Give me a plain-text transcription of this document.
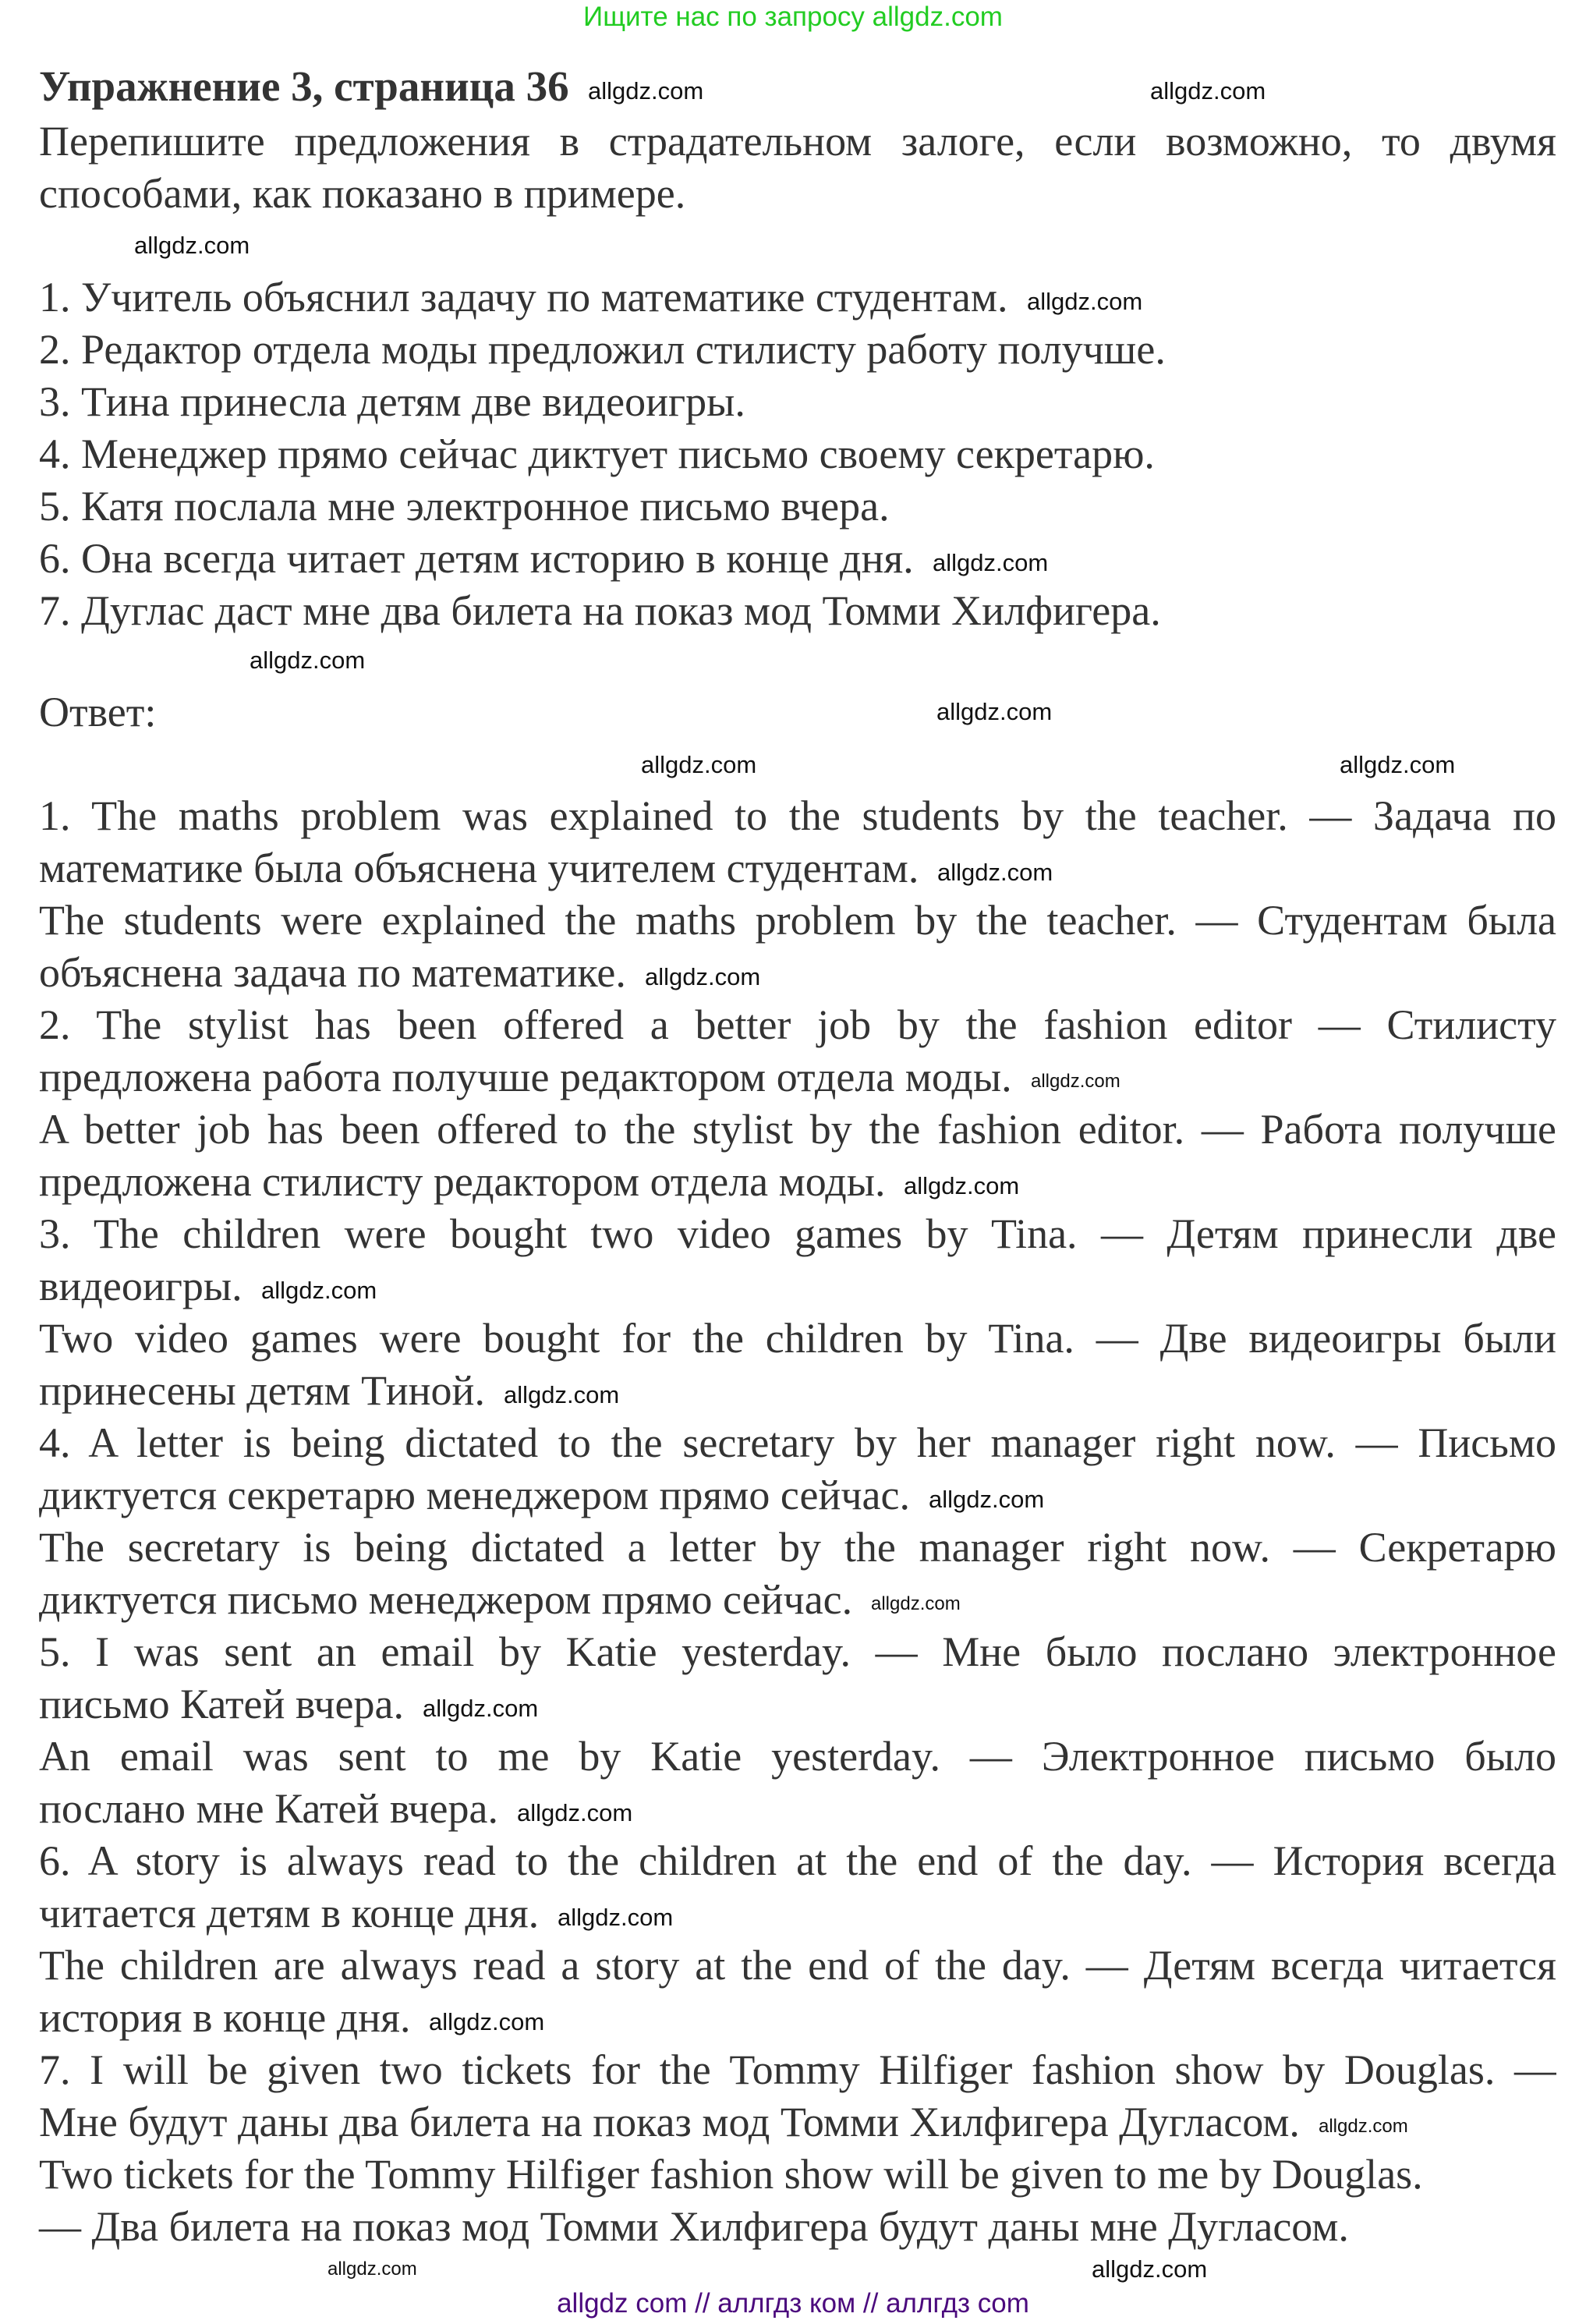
Ищите нас по запросу allgdz.com
Упражнение 3, страница 36
Перепишите предложения в страдательном залоге, если возможно, то двумя
способами, как показано в примере.
1. Учитель объяснил задачу по математике студентам.
2. Редактор отдела моды предложил стилисту работу получше.
3. Тина принесла детям две видеоигры.
4. Менеджер прямо сейчас диктует письмо своему секретарю.
5. Катя послала мне электронное письмо вчера.
6. Она всегда читает детям историю в конце дня.
7. Дуглас даст мне два билета на показ мод Томми Хилфигера.
Ответ:
1. The maths problem was explained to the students by the teacher. — Задача по
математике была объяснена учителем студентам.
The students were explained the maths problem by the teacher. — Студентам была
объяснена задача по математике.
2. The stylist has been offered a better job by the fashion editor — Стилисту
предложена работа получше редактором отдела моды.
A better job has been offered to the stylist by the fashion editor. — Работа получше
предложена стилисту редактором отдела моды.
3. The children were bought two video games by Tina. — Детям принесли две
видеоигры.
Two video games were bought for the children by Tina. — Две видеоигры были
принесены детям Тиной.
4. A letter is being dictated to the secretary by her manager right now. — Письмо
диктуется секретарю менеджером прямо сейчас.
The secretary is being dictated a letter by the manager right now. — Секретарю
диктуется письмо менеджером прямо сейчас.
5. I was sent an email by Katie yesterday. — Мне было послано электронное
письмо Катей вчера.
An email was sent to me by Katie yesterday. — Электронное письмо было
послано мне Катей вчера.
6. A story is always read to the children at the end of the day. — История всегда
читается детям в конце дня.
The children are always read a story at the end of the day. — Детям всегда читается
история в конце дня.
7. I will be given two tickets for the Tommy Hilfiger fashion show by Douglas. —
Мне будут даны два билета на показ мод Томми Хилфигера Дугласом.
Two tickets for the Tommy Hilfiger fashion show will be given to me by Douglas.
— Два билета на показ мод Томми Хилфигера будут даны мне Дугласом.
allgdz.com	allgdz.com
allgdz.com
allgdz.com
allgdz.com
allgdz.com
allgdz.com
allgdz.com	allgdz.com
allgdz.com
allgdz.com
allgdz.com
allgdz.com
allgdz.com
allgdz.com
allgdz.com
allgdz.com
allgdz.com
allgdz.com
allgdz.com
allgdz.com
allgdz.com
allgdz.com
allgdz.com
allgdz com // аллгдз ком // аллгдз com
